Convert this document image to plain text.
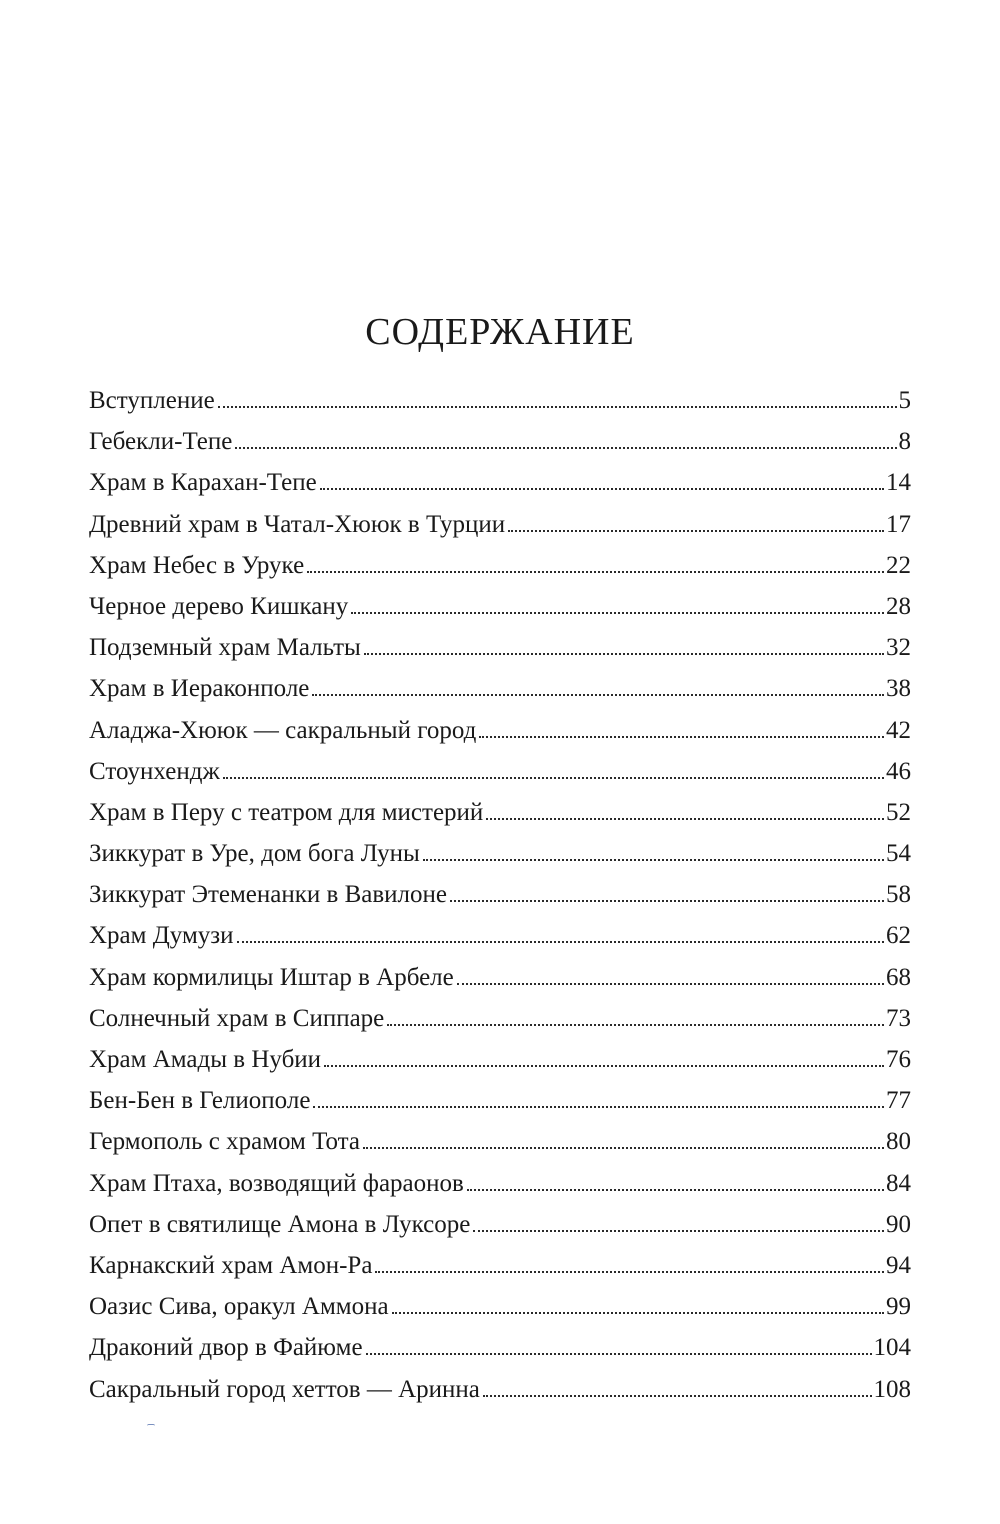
СОДЕРЖАНИЕ
Вступление	5
Гебекли-Тепе	8
Храм в Карахан-Тепе	14
Древний храм в Чатал-Хююк в Турции	17
Храм Небес в Уруке	22
Черное дерево Кишкану	28
Подземный храм Мальты	32
Храм в Иераконполе	38
Аладжа-Хююк — сакральный город	42
Стоунхендж	46
Храм в Перу с театром для мистерий	52
Зиккурат в Уре, дом бога Луны	54
Зиккурат Этеменанки в Вавилоне	58
Храм Думузи	62
Храм кормилицы Иштар в Арбеле	68
Солнечный храм в Сиппаре	73
Храм Амады в Нубии	76
Бен-Бен в Гелиополе	77
Гермополь с храмом Тота	80
Храм Птаха, возводящий фараонов	84
Опет в святилище Амона в Луксоре	90
Карнакский храм Амон-Ра	94
Оазис Сива, оракул Аммона	99
Драконий двор в Файюме	104
Сакральный город хеттов — Аринна	108
